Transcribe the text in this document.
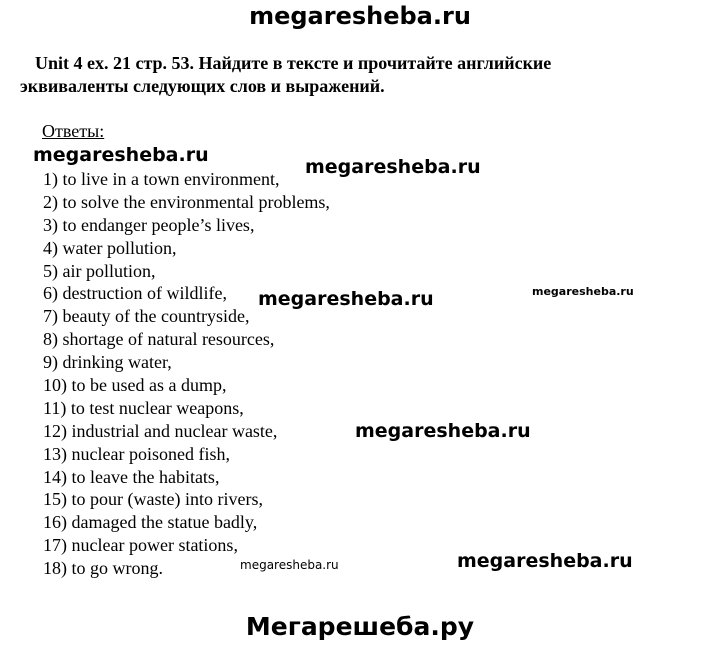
megaresheba.ru
Unit 4 ex. 21 стр. 53. Найдите в тексте и прочитайте английские
эквиваленты следующих слов и выражений.
Ответы:
1) to live in a town environment,
2) to solve the environmental problems,
3) to endanger people’s lives,
4) water pollution,
5) air pollution,
6) destruction of wildlife,
7) beauty of the countryside,
8) shortage of natural resources,
9) drinking water,
10) to be used as a dump,
11) to test nuclear weapons,
12) industrial and nuclear waste,
13) nuclear poisoned fish,
14) to leave the habitats,
15) to pour (waste) into rivers,
16) damaged the statue badly,
17) nuclear power stations,
18) to go wrong.
megaresheba.ru
megaresheba.ru
megaresheba.ru	megaresheba.ru
megaresheba.ru
megaresheba.ru	megaresheba.ru
Мегарешеба.ру
